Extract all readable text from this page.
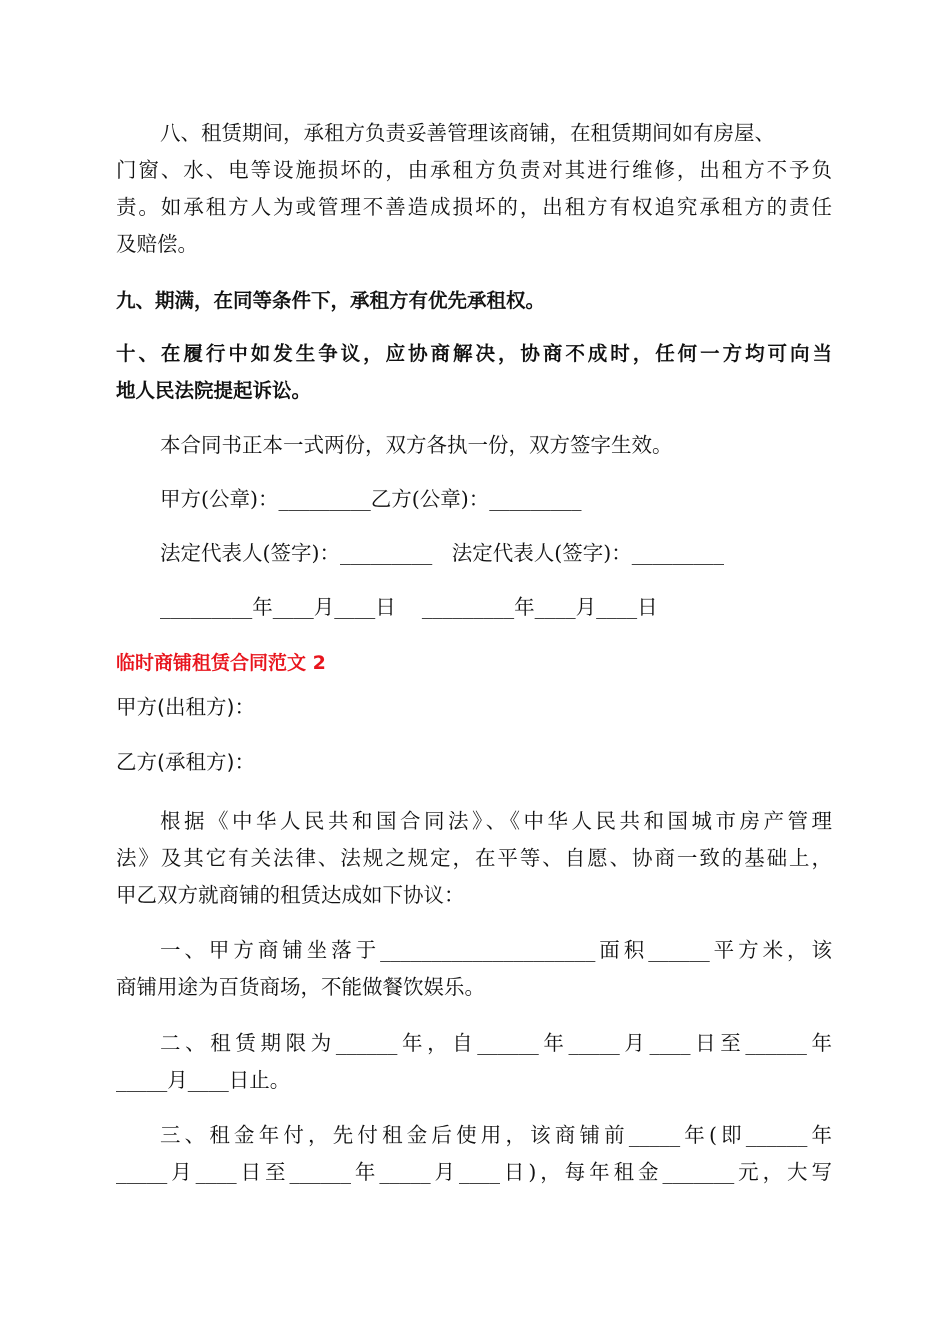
八、租赁期间，承租方负责妥善管理该商铺，在租赁期间如有房屋、
门窗、水、电等设施损坏的，由承租方负责对其进行维修，出租方不予负
责。如承租方人为或管理不善造成损坏的，出租方有权追究承租方的责任
及赔偿。
九、期满，在同等条件下，承租方有优先承租权。
十、在履行中如发生争议，应协商解决，协商不成时，任何一方均可向当
地人民法院提起诉讼。
本合同书正本一式两份，双方各执一份，双方签字生效。
甲方(公章)：_________乙方(公章)：_________
法定代表人(签字)：_________   法定代表人(签字)：_________
_________年____月____日    _________年____月____日
临时商铺租赁合同范文 2
甲方(出租方)：
乙方(承租方)：
根据《中华人民共和国合同法》、《中华人民共和国城市房产管理
法》及其它有关法律、法规之规定，在平等、自愿、协商一致的基础上，
甲乙双方就商铺的租赁达成如下协议：
一、甲方商铺坐落于_____________________面积______平方米，该
商铺用途为百货商场，不能做餐饮娱乐。
二、租赁期限为______年，自______年_____月____日至______年
_____月____日止。
三、租金年付，先付租金后使用，该商铺前_____年(即______年
_____月____日至______年_____月____日)，每年租金_______元，大写
